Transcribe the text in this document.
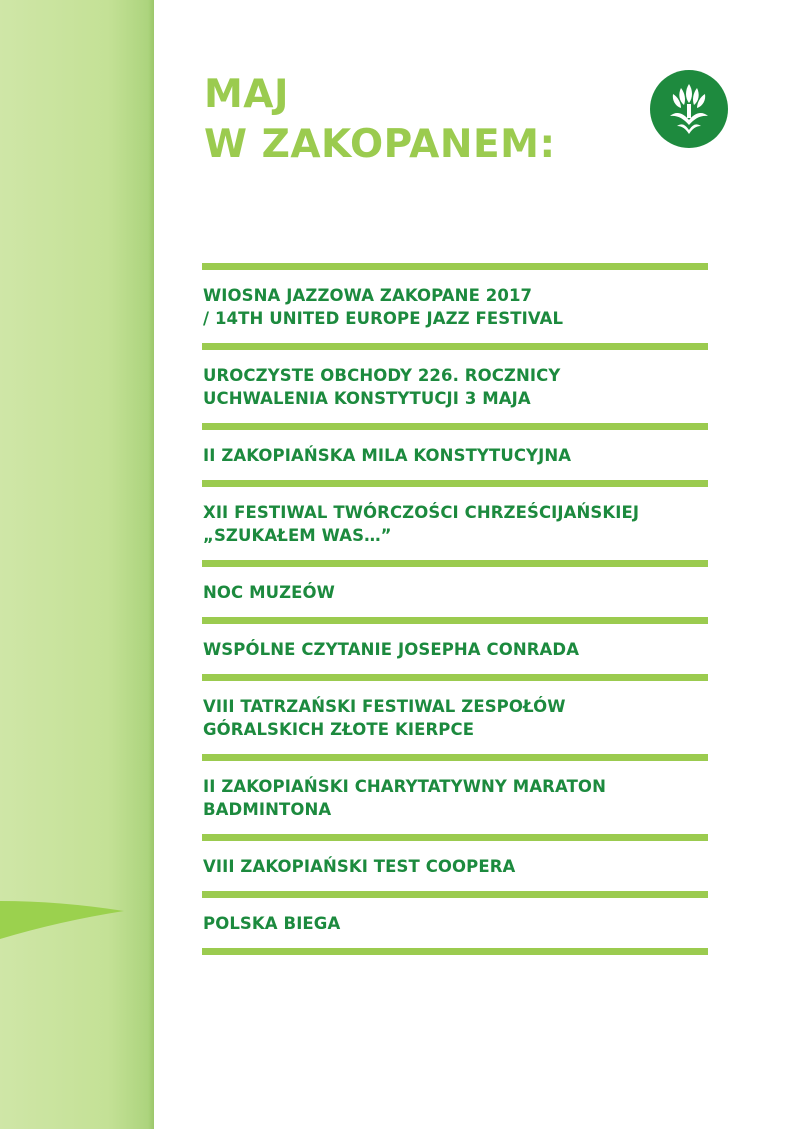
MAJ
W ZAKOPANEM:
WIOSNA JAZZOWA ZAKOPANE 2017
/ 14TH UNITED EUROPE JAZZ FESTIVAL
UROCZYSTE OBCHODY 226. ROCZNICY
UCHWALENIA KONSTYTUCJI 3 MAJA
II ZAKOPIAŃSKA MILA KONSTYTUCYJNA
XII FESTIWAL TWÓRCZOŚCI CHRZEŚCIJAŃSKIEJ
„SZUKAŁEM WAS…”
NOC MUZEÓW
WSPÓLNE CZYTANIE JOSEPHA CONRADA
VIII TATRZAŃSKI FESTIWAL ZESPOŁÓW
GÓRALSKICH ZŁOTE KIERPCE
II ZAKOPIAŃSKI CHARYTATYWNY MARATON
BADMINTONA
VIII ZAKOPIAŃSKI TEST COOPERA
POLSKA BIEGA
